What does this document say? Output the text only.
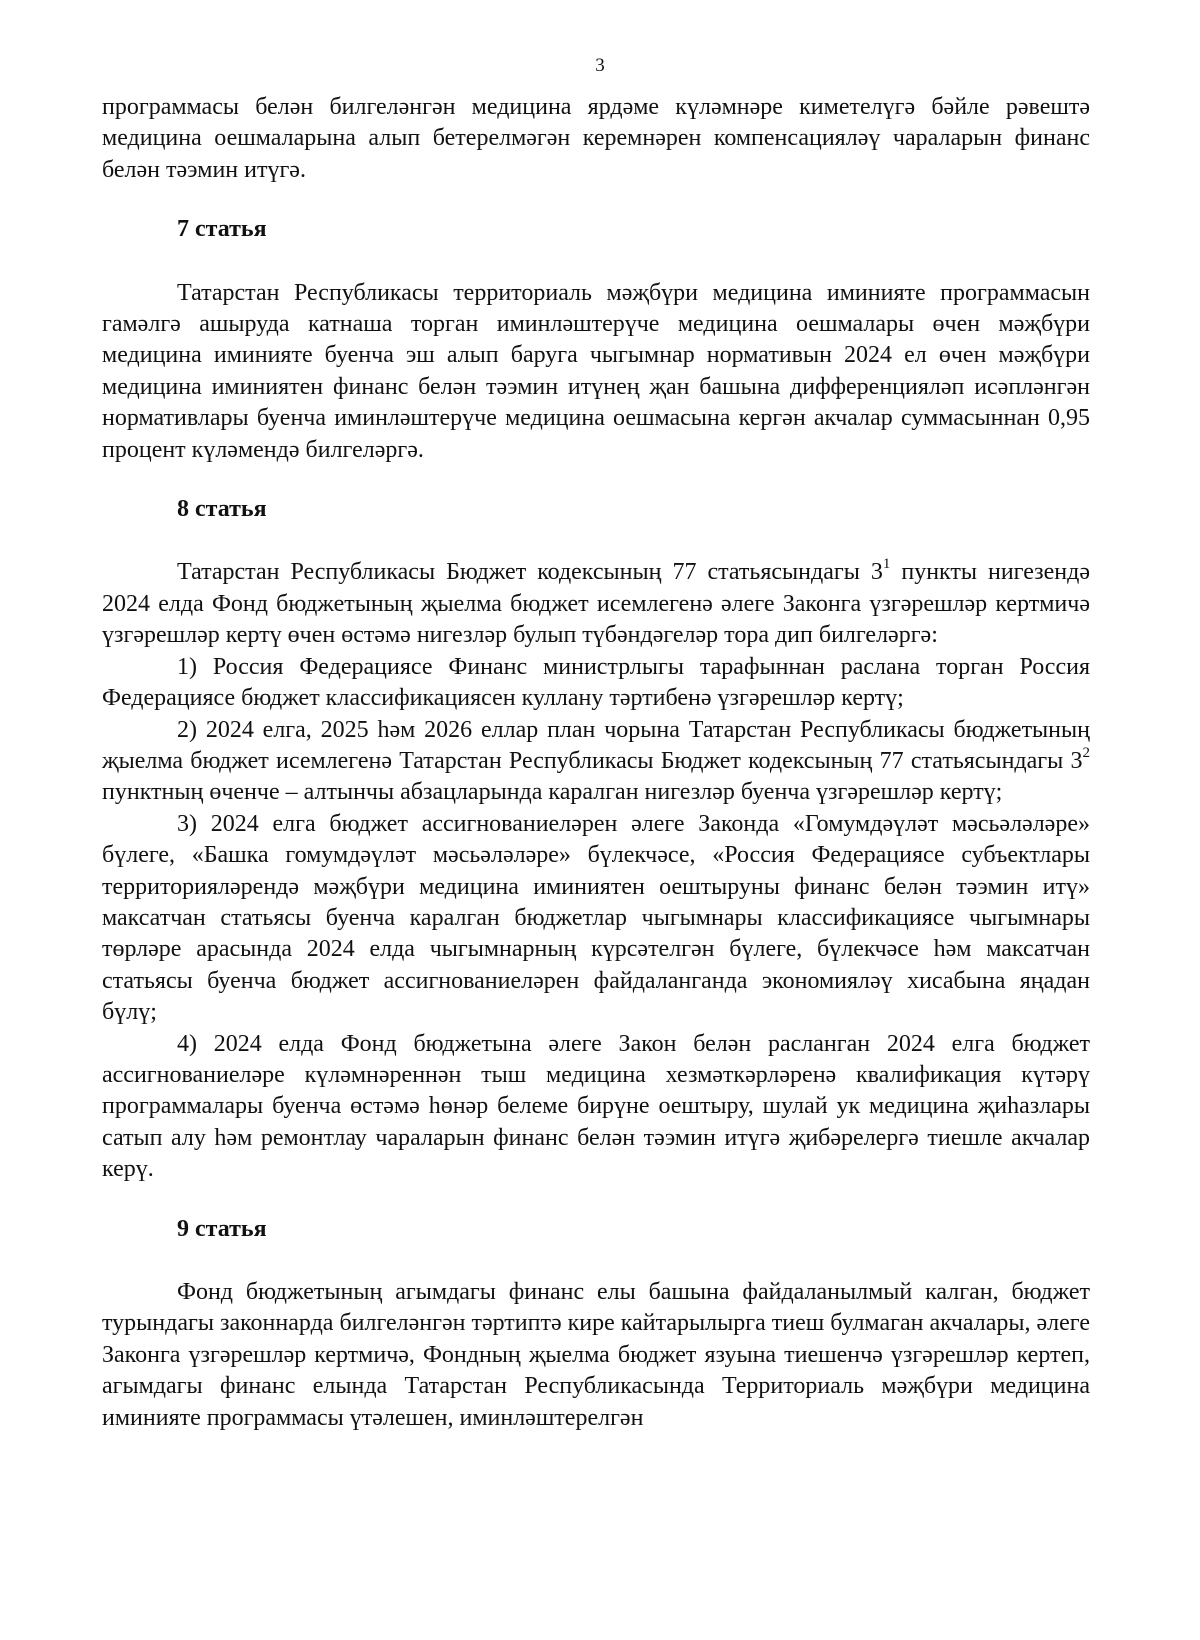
3

программасы белән билгеләнгән медицина ярдәме күләмнәре киметелүгә бәйле рәвештә медицина оешмаларына алып бетерелмәгән керемнәрен компенсацияләү чараларын финанс белән тәэмин итүгә.

7 статья

Татарстан Республикасы территориаль мәҗбүри медицина иминияте программасын гамәлгә ашыруда катнаша торган иминләштерүче медицина оешмалары өчен мәҗбүри медицина иминияте буенча эш алып баруга чыгымнар нормативын 2024 ел өчен мәҗбүри медицина иминиятен финанс белән тәэмин итүнең җан башына дифференцияләп исәпләнгән нормативлары буенча иминләштерүче медицина оешмасына кергән акчалар суммасыннан 0,95 процент күләмендә билгеләргә.

8 статья

Татарстан Республикасы Бюджет кодексының 77 статьясындагы $3^1$ пункты нигезендә 2024 елда Фонд бюджетының җыелма бюджет исемлегенә әлеге Законга үзгәрешләр кертмичә үзгәрешләр кертү өчен өстәмә нигезләр булып түбәндәгеләр тора дип билгеләргә:

1) Россия Федерациясе Финанс министрлыгы тарафыннан раслана торган Россия Федерациясе бюджет классификациясен куллану тәртибенә үзгәрешләр кертү;

2) 2024 елга, 2025 һәм 2026 еллар план чорына Татарстан Республикасы бюджетының җыелма бюджет исемлегенә Татарстан Республикасы Бюджет кодексының 77 статьясындагы $3^2$ пунктның өченче – алтынчы абзацларында каралган нигезләр буенча үзгәрешләр кертү;

3) 2024 елга бюджет ассигнованиеләрен әлеге Законда «Гомумдәүләт мәсьәләләре» бүлеге, «Башка гомумдәүләт мәсьәләләре» бүлекчәсе, «Россия Федерациясе субъектлары территорияләрендә мәҗбүри медицина иминиятен оештыруны финанс белән тәэмин итү» максатчан статьясы буенча каралган бюджетлар чыгымнары классификациясе чыгымнары төрләре арасында 2024 елда чыгымнарның күрсәтелгән бүлеге, бүлекчәсе һәм максатчан статьясы буенча бюджет ассигнованиеләрен файдаланганда экономияләү хисабына яңадан бүлү;

4) 2024 елда Фонд бюджетына әлеге Закон белән расланган 2024 елга бюджет ассигнованиеләре күләмнәреннән тыш медицина хезмәткәрләренә квалификация күтәрү программалары буенча өстәмә һөнәр белеме бирүне оештыру, шулай ук медицина җиһазлары сатып алу һәм ремонтлау чараларын финанс белән тәэмин итүгә җибәрелергә тиешле акчалар керү.

9 статья

Фонд бюджетының агымдагы финанс елы башына файдаланылмый калган, бюджет турындагы законнарда билгеләнгән тәртиптә кире кайтарылырга тиеш булмаган акчалары, әлеге Законга үзгәрешләр кертмичә, Фондның җыелма бюджет язуына тиешенчә үзгәрешләр кертеп, агымдагы финанс елында Татарстан Республикасында Территориаль мәҗбүри медицина иминияте программасы үтәлешен, иминләштерелгән
